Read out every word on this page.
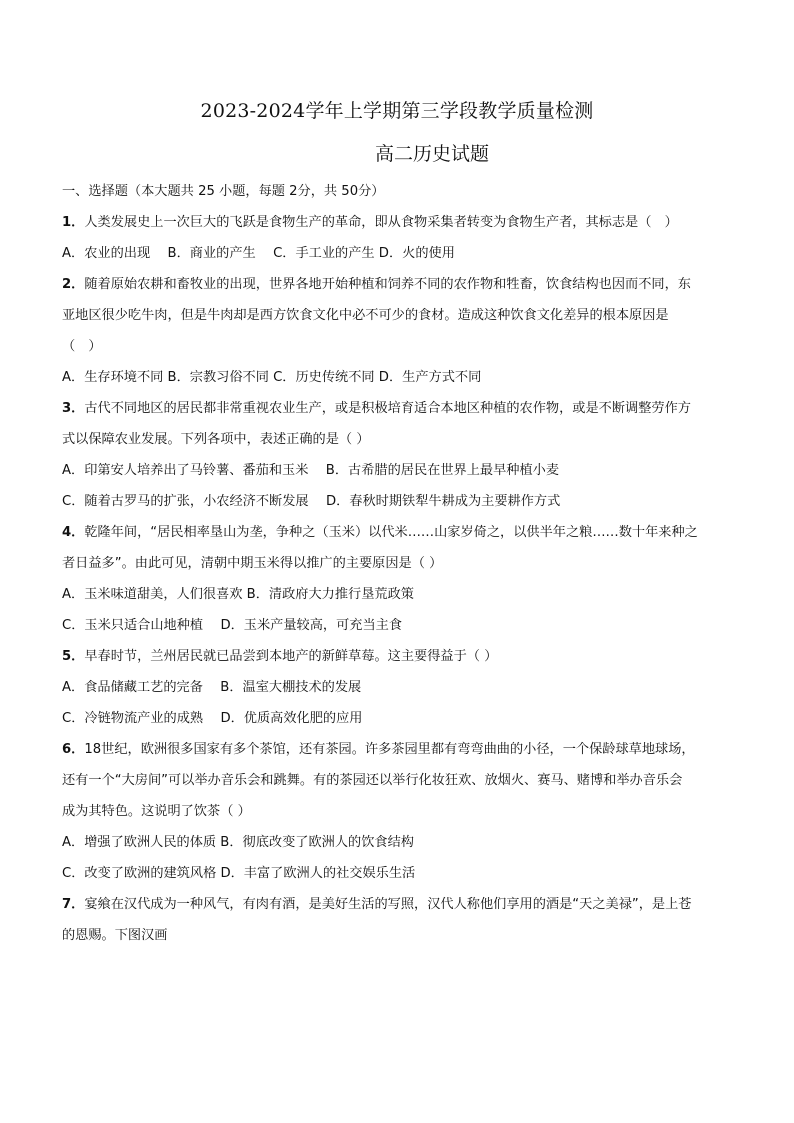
2023-2024学年上学期第三学段教学质量检测
高二历史试题
一、选择题（本大题共 25 小题，每题 2分，共 50分）
1．人类发展史上一次巨大的飞跃是食物生产的革命，即从食物采集者转变为食物生产者，其标志是（　）
A．农业的出现　 B．商业的产生　 C．手工业的产生 D．火的使用
2．随着原始农耕和畜牧业的出现，世界各地开始种植和饲养不同的农作物和牲畜，饮食结构也因而不同，东
亚地区很少吃牛肉，但是牛肉却是西方饮食文化中必不可少的食材。造成这种饮食文化差异的根本原因是
（　）
A．生存环境不同 B．宗教习俗不同 C．历史传统不同 D．生产方式不同
3．古代不同地区的居民都非常重视农业生产，或是积极培育适合本地区种植的农作物，或是不断调整劳作方
式以保障农业发展。下列各项中，表述正确的是（ ）
A．印第安人培养出了马铃薯、番茄和玉米　 B．古希腊的居民在世界上最早种植小麦
C．随着古罗马的扩张，小农经济不断发展　 D．春秋时期铁犁牛耕成为主要耕作方式
4．乾隆年间，“居民相率垦山为垄，争种之（玉米）以代米……山家岁倚之，以供半年之粮……数十年来种之
者日益多”。由此可见，清朝中期玉米得以推广的主要原因是（ ）
A．玉米味道甜美，人们很喜欢 B．清政府大力推行垦荒政策
C．玉米只适合山地种植　 D．玉米产量较高，可充当主食
5．早春时节，兰州居民就已品尝到本地产的新鲜草莓。这主要得益于（ ）
A．食品储藏工艺的完备　 B．温室大棚技术的发展
C．冷链物流产业的成熟　 D．优质高效化肥的应用
6．18世纪，欧洲很多国家有多个茶馆，还有茶园。许多茶园里都有弯弯曲曲的小径，一个保龄球草地球场，
还有一个“大房间”可以举办音乐会和跳舞。有的茶园还以举行化妆狂欢、放烟火、赛马、赌博和举办音乐会
成为其特色。这说明了饮茶（ ）
A．增强了欧洲人民的体质 B．彻底改变了欧洲人的饮食结构
C．改变了欧洲的建筑风格 D．丰富了欧洲人的社交娱乐生活
7．宴飨在汉代成为一种风气，有肉有酒，是美好生活的写照，汉代人称他们享用的酒是“天之美禄”，是上苍
的恩赐。下图汉画
